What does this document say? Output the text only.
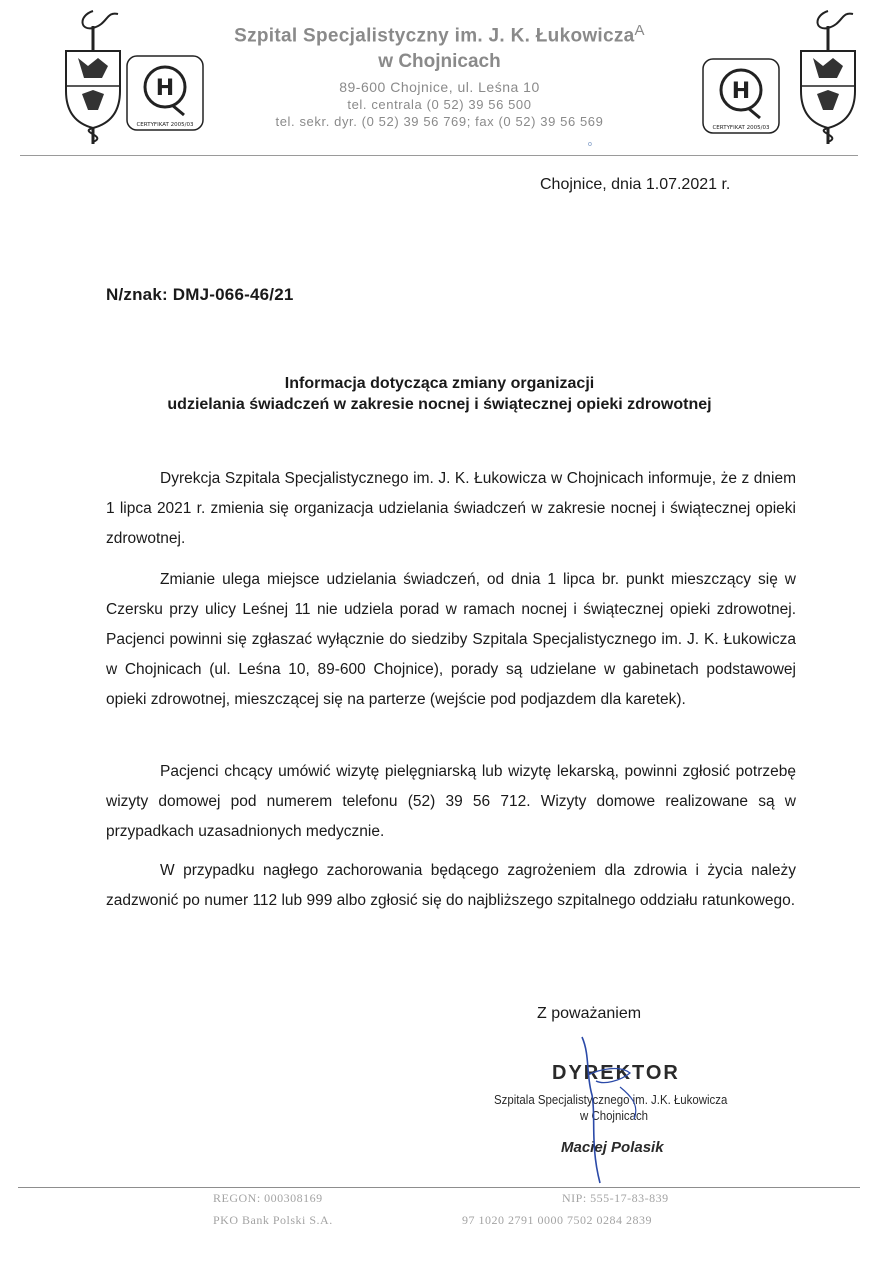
H
CERTYFIKAT 2005/03
Szpital Specjalistyczny im. J. K. Łukowicza$^A$
w Chojnicach
89-600 Chojnice, ul. Leśna 10
tel. centrala (0 52) 39 56 500
tel. sekr. dyr. (0 52) 39 56 769; fax (0 52) 39 56 569
o
H
CERTYFIKAT 2005/03
Chojnice, dnia 1.07.2021 r.
N/znak: DMJ-066-46/21
Informacja dotycząca zmiany organizacji
udzielania świadczeń w zakresie nocnej i świątecznej opieki zdrowotnej
Dyrekcja Szpitala Specjalistycznego im. J. K. Łukowicza w Chojnicach informuje, że z dniem 1 lipca 2021 r. zmienia się organizacja udzielania świadczeń w zakresie nocnej i świątecznej opieki zdrowotnej.
Zmianie ulega miejsce udzielania świadczeń, od dnia 1 lipca br. punkt mieszczący się w Czersku przy ulicy Leśnej 11 nie udziela porad w ramach nocnej i świątecznej opieki zdrowotnej. Pacjenci powinni się zgłaszać wyłącznie do siedziby Szpitala Specjalistycznego im. J. K. Łukowicza w Chojnicach (ul. Leśna 10, 89-600 Chojnice), porady są udzielane w gabinetach podstawowej opieki zdrowotnej, mieszczącej się na parterze (wejście pod podjazdem dla karetek).
Pacjenci chcący umówić wizytę pielęgniarską lub wizytę lekarską, powinni zgłosić potrzebę wizyty domowej pod numerem telefonu (52) 39 56 712. Wizyty domowe realizowane są w przypadkach uzasadnionych medycznie.
W przypadku nagłego zachorowania będącego zagrożeniem dla zdrowia i życia należy zadzwonić po numer 112 lub 999 albo zgłosić się do najbliższego szpitalnego oddziału ratunkowego.
Z poważaniem
DYREKTOR
Szpitala Specjalistycznego im. J.K. Łukowicza
w Chojnicach
Maciej Polasik
REGON: 000308169
PKO Bank Polski S.A.
NIP: 555-17-83-839
97 1020 2791 0000 7502 0284 2839
